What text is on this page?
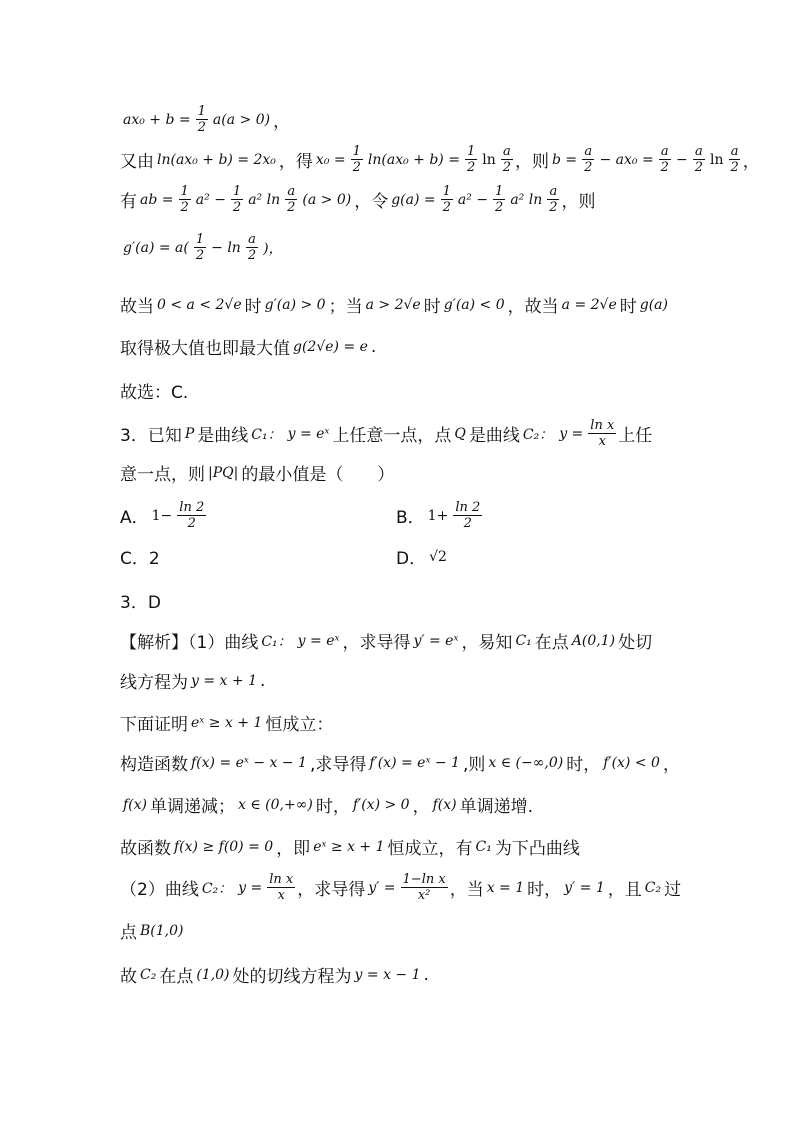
$ax_0 + b = \frac{1}{2} a(a > 0)$ ，
又由 ln(ax₀ + b) = 2x₀ ，得 $x_0 = \frac{1}{2} \ln(ax_0 + b) = \frac{1}{2}$ $\ln \frac{a}{2}$ ，则 $b = \frac{a}{2} - ax_0 = \frac{a}{2} - \frac{a}{2}$ $\ln \frac{a}{2}$ ，
有 ab = $\frac{1}{2} a^2 - \frac{1}{2} a^2$ $\ln \frac{a}{2} (a > 0)$ ，令 $g(a) = \frac{1}{2} a^2 - \frac{1}{2} a^2$ $\ln \frac{a}{2}$ ，则
$g'(a) = a( \frac{1}{2} - \ln \frac{a}{2}$ )，
故当 0 < a < 2√e 时 g′(a) > 0 ；当 a > 2√e 时 g′(a) < 0 ，故当 a = 2√e 时 g(a)
取得极大值也即最大值 g(2√e) = e .
故选：C.
3．已知 P 是曲线 C₁： y = eˣ 上任意一点，点 Q 是曲线 C₂： $y = \frac{\text{ln x}}{x}$ 上任
意一点，则 |PQ| 的最小值是（　　）
A． $1- \frac{\ln 2}{2}$	B． $1+ \frac{\ln 2}{2}$
C．2	D． √2
3．D
【解析】（1）曲线 C₁： y = eˣ ，求导得 y′ = eˣ ，易知 C₁ 在点 A(0,1) 处切
线方程为 y = x + 1 .
下面证明 eˣ ≥ x + 1 恒成立：
构造函数 f(x) = eˣ − x − 1 ,求导得 f′(x) = eˣ − 1 ,则 x ∈ (−∞,0) 时， f′(x) < 0 ，
f(x) 单调递减； x ∈ (0,+∞) 时， f′(x) > 0 ， f(x) 单调递增.
故函数 f(x) ≥ f(0) = 0 ，即 eˣ ≥ x + 1 恒成立，有 C₁ 为下凸曲线
（2）曲线 C₂： $y = \frac{\text{ln x}}{x}$ ，求导得 $y' = \frac{\text{1−ln x}}{\text{x²}}$ ，当 x = 1 时， y′ = 1 ，且 C₂ 过
点 B(1,0)
故 C₂ 在点 (1,0) 处的切线方程为 y = x − 1 .
